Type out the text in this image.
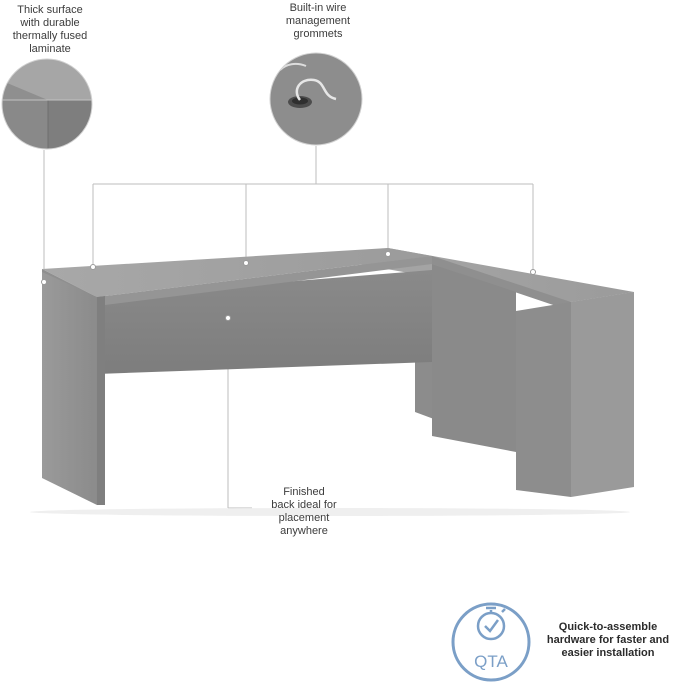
QTA
Thick surface
with durable
thermally fused
laminate
Built-in wire
management
grommets
Finished
back ideal for
placement
anywhere
Quick-to-assemble
hardware for faster and
easier installation
